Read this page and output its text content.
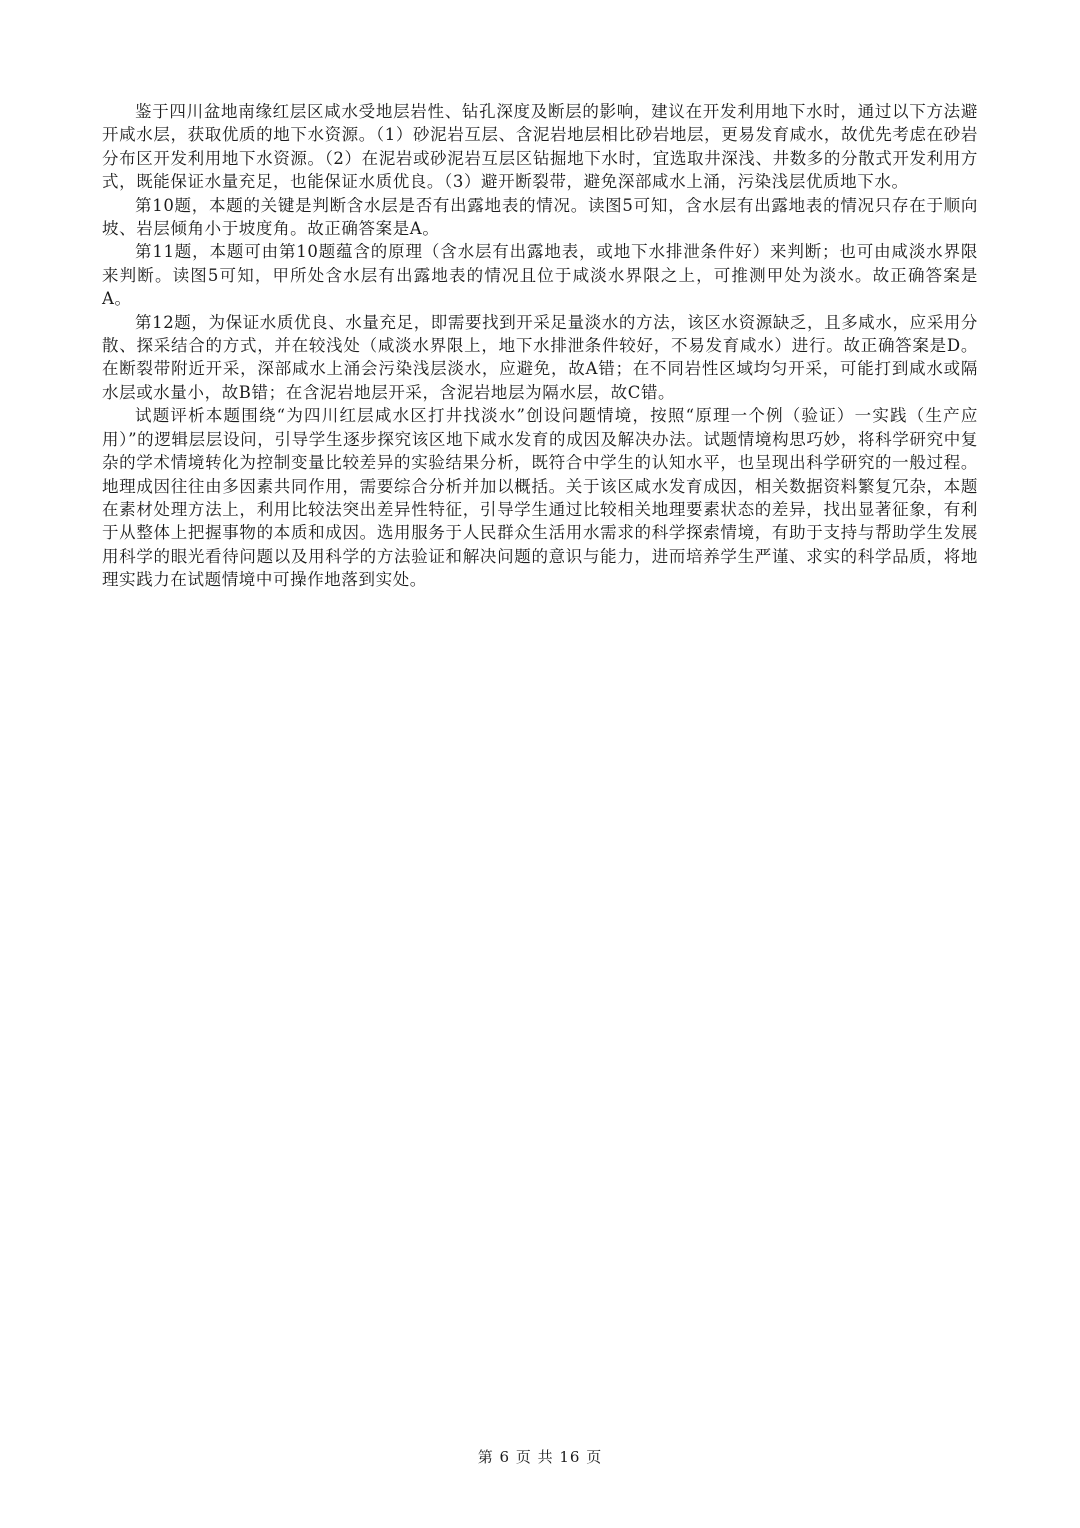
鉴于四川盆地南缘红层区咸水受地层岩性、钻孔深度及断层的影响，建议在开发利用地下水时，通过以下方法避开咸水层，获取优质的地下水资源。（1）砂泥岩互层、含泥岩地层相比砂岩地层，更易发育咸水，故优先考虑在砂岩分布区开发利用地下水资源。（2）在泥岩或砂泥岩互层区钻掘地下水时，宜选取井深浅、井数多的分散式开发利用方式，既能保证水量充足，也能保证水质优良。（3）避开断裂带，避免深部咸水上涌，污染浅层优质地下水。

第10题，本题的关键是判断含水层是否有出露地表的情况。读图5可知，含水层有出露地表的情况只存在于顺向坡、岩层倾角小于坡度角。故正确答案是A。

第11题，本题可由第10题蕴含的原理（含水层有出露地表，或地下水排泄条件好）来判断；也可由咸淡水界限来判断。读图5可知，甲所处含水层有出露地表的情况且位于咸淡水界限之上，可推测甲处为淡水。故正确答案是A。

第12题，为保证水质优良、水量充足，即需要找到开采足量淡水的方法，该区水资源缺乏，且多咸水，应采用分散、探采结合的方式，并在较浅处（咸淡水界限上，地下水排泄条件较好，不易发育咸水）进行。故正确答案是D。在断裂带附近开采，深部咸水上涌会污染浅层淡水，应避免，故A错；在不同岩性区域均匀开采，可能打到咸水或隔水层或水量小，故B错；在含泥岩地层开采，含泥岩地层为隔水层，故C错。

试题评析本题围绕“为四川红层咸水区打井找淡水”创设问题情境，按照“原理一个例（验证）一实践（生产应用）”的逻辑层层设问，引导学生逐步探究该区地下咸水发育的成因及解决办法。试题情境构思巧妙，将科学研究中复杂的学术情境转化为控制变量比较差异的实验结果分析，既符合中学生的认知水平，也呈现出科学研究的一般过程。地理成因往往由多因素共同作用，需要综合分析并加以概括。关于该区咸水发育成因，相关数据资料繁复冗杂，本题在素材处理方法上，利用比较法突出差异性特征，引导学生通过比较相关地理要素状态的差异，找出显著征象，有利于从整体上把握事物的本质和成因。选用服务于人民群众生活用水需求的科学探索情境，有助于支持与帮助学生发展用科学的眼光看待问题以及用科学的方法验证和解决问题的意识与能力，进而培养学生严谨、求实的科学品质，将地理实践力在试题情境中可操作地落到实处。

第 6 页 共 16 页
